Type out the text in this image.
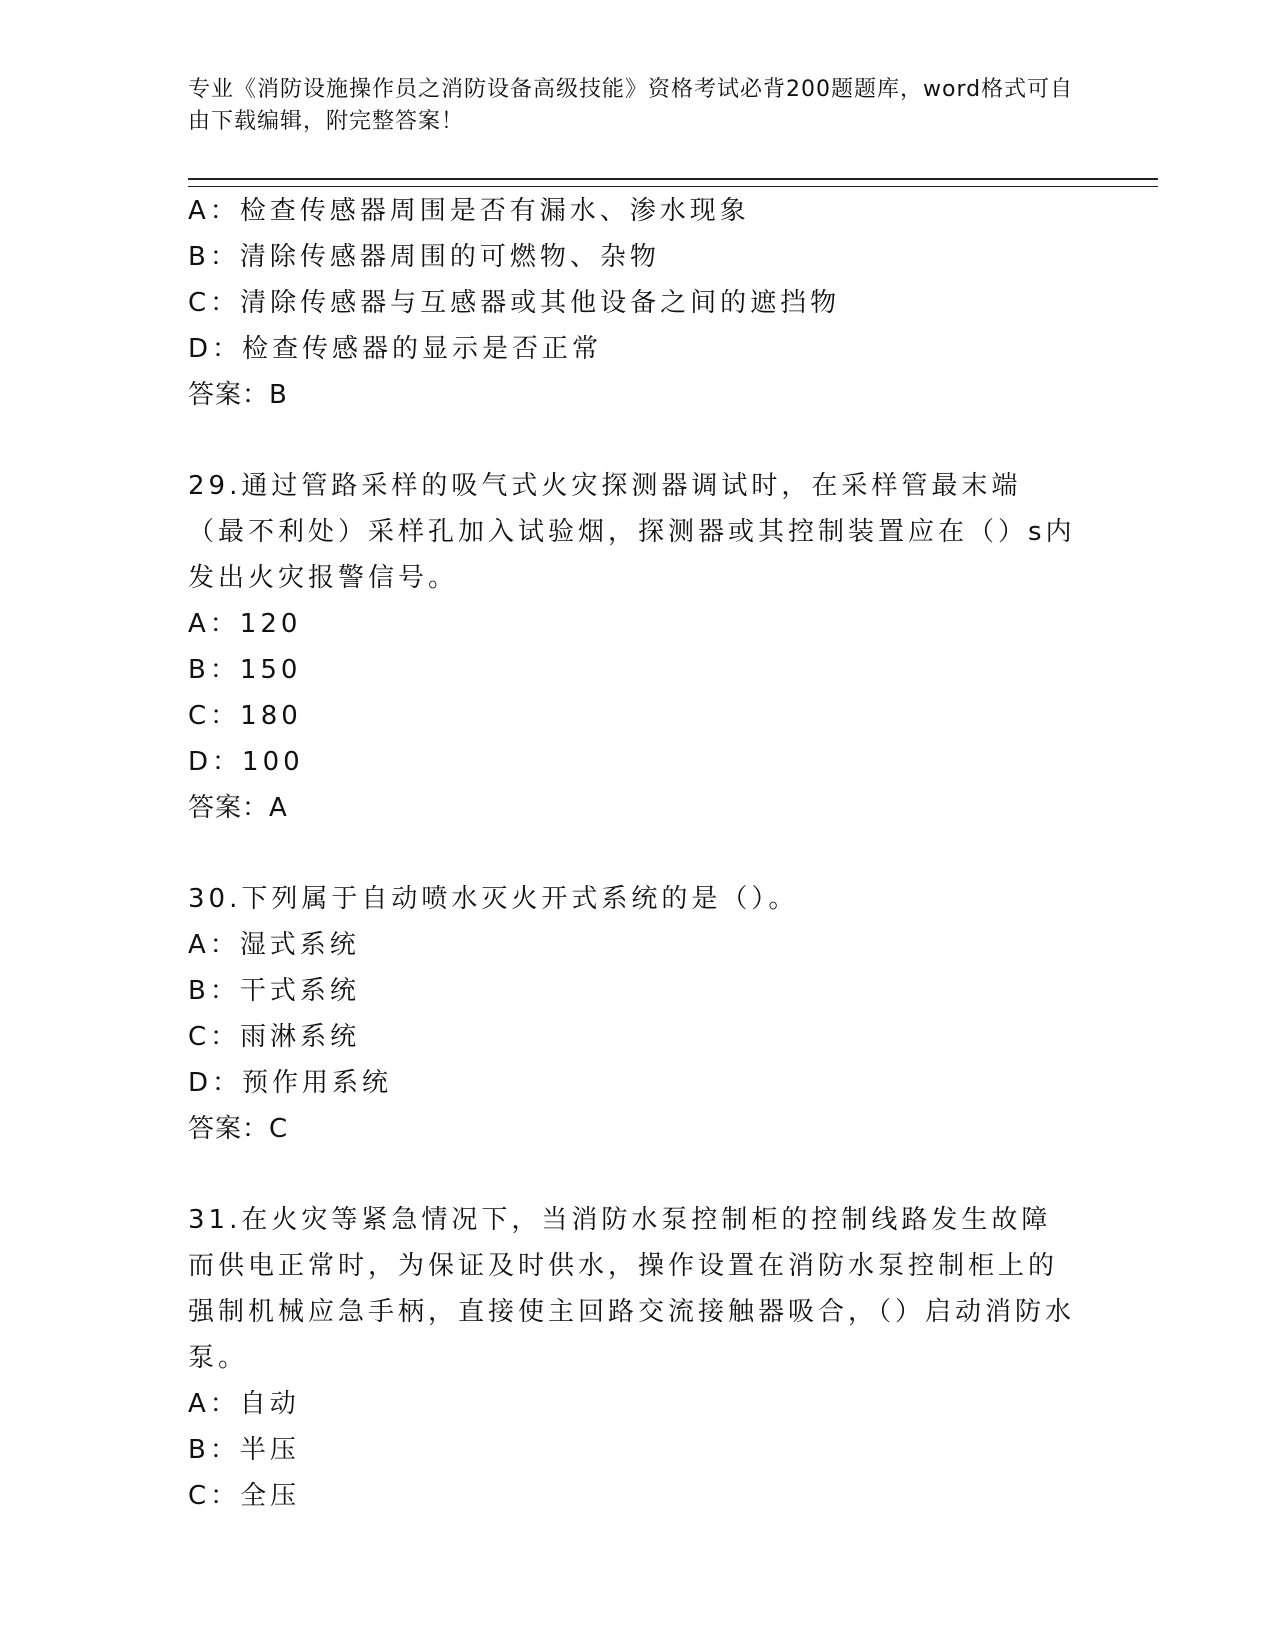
专业《消防设施操作员之消防设备高级技能》资格考试必背200题题库，word格式可自由下载编辑，附完整答案！
A：检查传感器周围是否有漏水、渗水现象
B：清除传感器周围的可燃物、杂物
C：清除传感器与互感器或其他设备之间的遮挡物
D：检查传感器的显示是否正常
答案：B
29.通过管路采样的吸气式火灾探测器调试时，在采样管最末端（最不利处）采样孔加入试验烟，探测器或其控制装置应在（）s内发出火灾报警信号。
A：120
B：150
C：180
D：100
答案：A
30.下列属于自动喷水灭火开式系统的是（）。
A：湿式系统
B：干式系统
C：雨淋系统
D：预作用系统
答案：C
31.在火灾等紧急情况下，当消防水泵控制柜的控制线路发生故障而供电正常时，为保证及时供水，操作设置在消防水泵控制柜上的强制机械应急手柄，直接使主回路交流接触器吸合，（）启动消防水泵。
A：自动
B：半压
C：全压
